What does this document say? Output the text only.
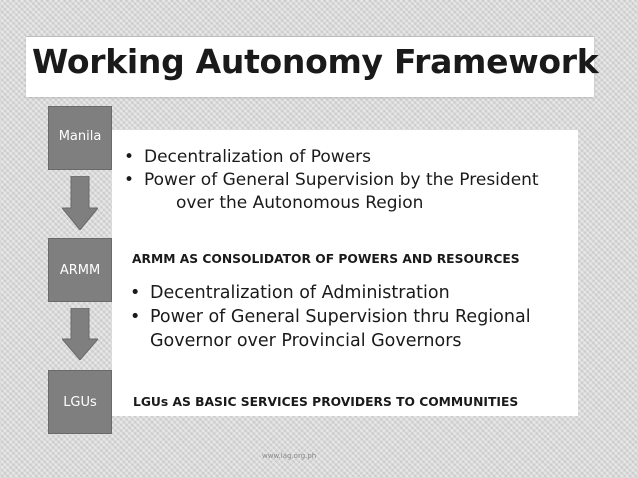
Working Autonomy Framework
Manila
ARMM
LGUs
• Decentralization of Powers
• Power of General Supervision by the President
over the Autonomous Region

ARMM AS CONSOLIDATOR OF POWERS AND RESOURCES

• Decentralization of Administration
• Power of General Supervision thru Regional
Governor over Provincial Governors

LGUs AS BASIC SERVICES PROVIDERS TO COMMUNITIES

www.lag.org.ph
